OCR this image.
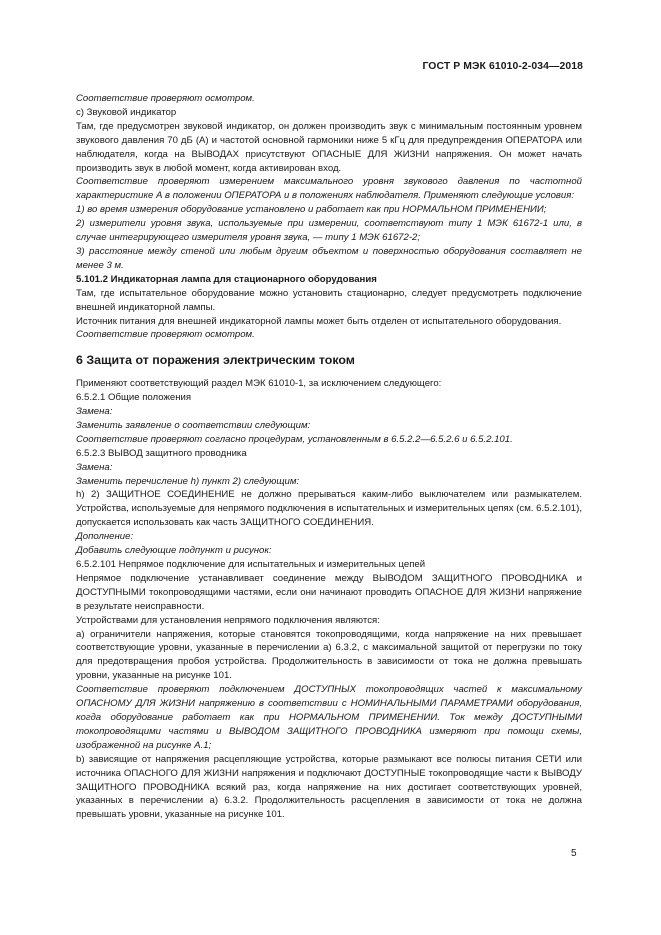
ГОСТ Р МЭК 61010-2-034—2018

Соответствие проверяют осмотром.

c) Звуковой индикатор

Там, где предусмотрен звуковой индикатор, он должен производить звук с минимальным постоянным уровнем звукового давления 70 дБ (А) и частотой основной гармоники ниже 5 кГц для предупреждения ОПЕРАТОРА или наблюдателя, когда на ВЫВОДАХ присутствуют ОПАСНЫЕ ДЛЯ ЖИЗНИ напряжения. Он может начать производить звук в любой момент, когда активирован вход.

Соответствие проверяют измерением максимального уровня звукового давления по частотной характеристике А в положении ОПЕРАТОРА и в положениях наблюдателя. Применяют следующие условия:

1) во время измерения оборудование установлено и работает как при НОРМАЛЬНОМ ПРИМЕНЕНИИ;

2) измерители уровня звука, используемые при измерении, соответствуют типу 1 МЭК 61672-1 или, в случае интегрирующего измерителя уровня звука, — типу 1 МЭК 61672-2;

3) расстояние между стеной или любым другим объектом и поверхностью оборудования составляет не менее 3 м.

5.101.2 Индикаторная лампа для стационарного оборудования

Там, где испытательное оборудование можно установить стационарно, следует предусмотреть подключение внешней индикаторной лампы.

Источник питания для внешней индикаторной лампы может быть отделен от испытательного оборудования.

Соответствие проверяют осмотром.

6 Защита от поражения электрическим током

Применяют соответствующий раздел МЭК 61010-1, за исключением следующего:

6.5.2.1 Общие положения

Замена:

Заменить заявление о соответствии следующим:

Соответствие проверяют согласно процедурам, установленным в 6.5.2.2—6.5.2.6 и 6.5.2.101.

6.5.2.3 ВЫВОД защитного проводника

Замена:

Заменить перечисление h) пункт 2) следующим:

h) 2) ЗАЩИТНОЕ СОЕДИНЕНИЕ не должно прерываться каким-либо выключателем или размыкателем. Устройства, используемые для непрямого подключения в испытательных и измерительных цепях (см. 6.5.2.101), допускается использовать как часть ЗАЩИТНОГО СОЕДИНЕНИЯ.

Дополнение:

Добавить следующие подпункт и рисунок:

6.5.2.101 Непрямое подключение для испытательных и измерительных цепей

Непрямое подключение устанавливает соединение между ВЫВОДОМ ЗАЩИТНОГО ПРОВОДНИКА и ДОСТУПНЫМИ токопроводящими частями, если они начинают проводить ОПАСНОЕ ДЛЯ ЖИЗНИ напряжение в результате неисправности.

Устройствами для установления непрямого подключения являются:

а) ограничители напряжения, которые становятся токопроводящими, когда напряжение на них превышает соответствующие уровни, указанные в перечислении а) 6.3.2, с максимальной защитой от перегрузки по току для предотвращения пробоя устройства. Продолжительность в зависимости от тока не должна превышать уровни, указанные на рисунке 101.

Соответствие проверяют подключением ДОСТУПНЫХ токопроводящих частей к максимальному ОПАСНОМУ ДЛЯ ЖИЗНИ напряжению в соответствии с НОМИНАЛЬНЫМИ ПАРАМЕТРАМИ оборудования, когда оборудование работает как при НОРМАЛЬНОМ ПРИМЕНЕНИИ. Ток между ДОСТУПНЫМИ токопроводящими частями и ВЫВОДОМ ЗАЩИТНОГО ПРОВОДНИКА измеряют при помощи схемы, изображенной на рисунке А.1;

b) зависящие от напряжения расцепляющие устройства, которые размыкают все полюсы питания СЕТИ или источника ОПАСНОГО ДЛЯ ЖИЗНИ напряжения и подключают ДОСТУПНЫЕ токопроводящие части к ВЫВОДУ ЗАЩИТНОГО ПРОВОДНИКА всякий раз, когда напряжение на них достигает соответствующих уровней, указанных в перечислении а) 6.3.2. Продолжительность расцепления в зависимости от тока не должна превышать уровни, указанные на рисунке 101.

5
